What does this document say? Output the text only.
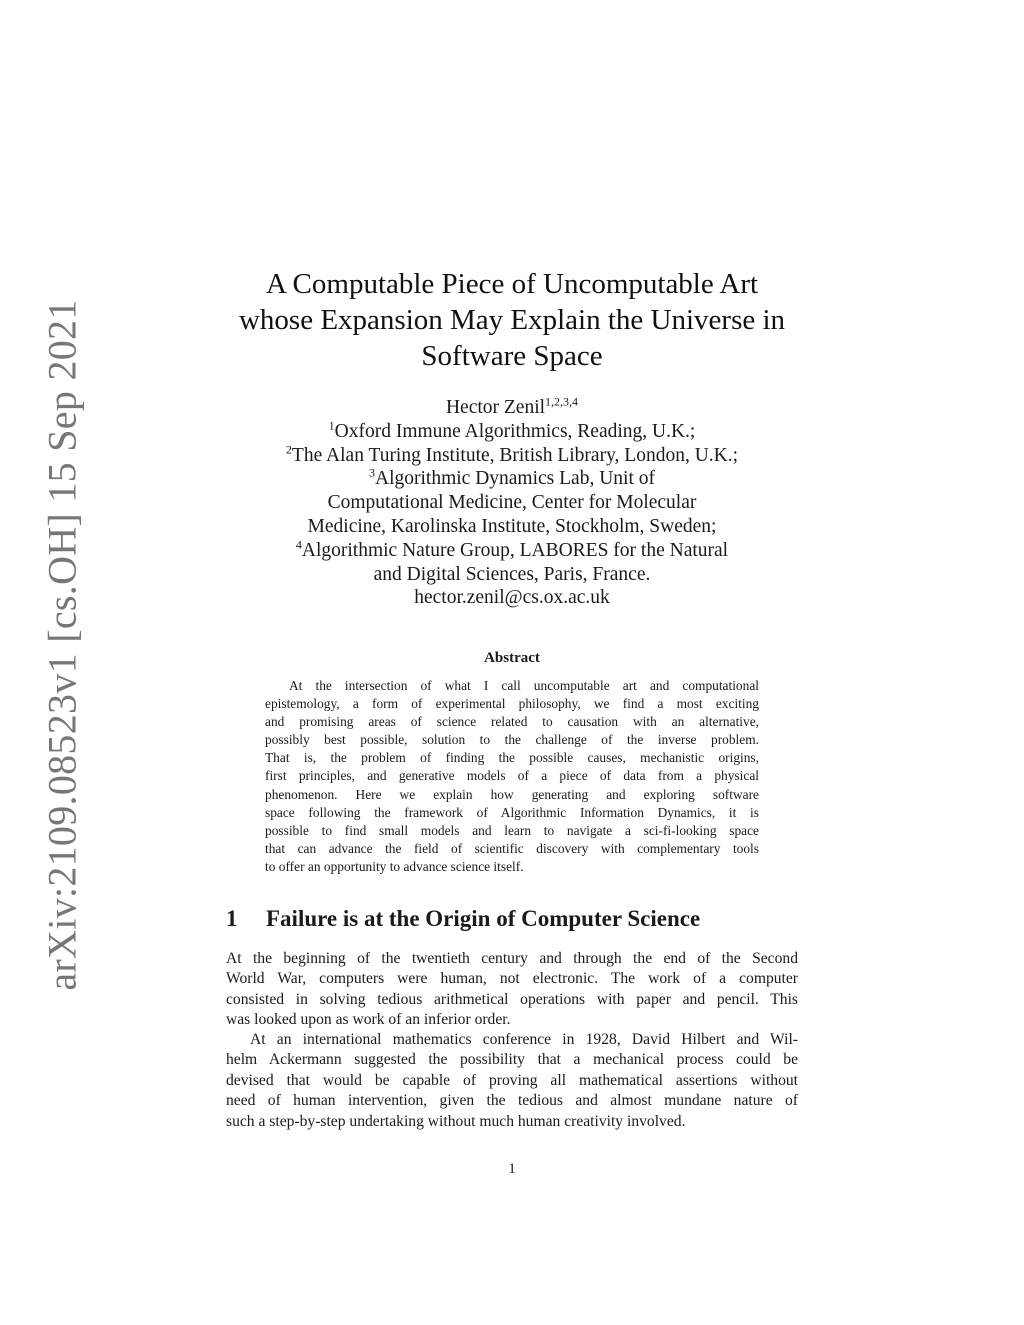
arXiv:2109.08523v1 [cs.OH] 15 Sep 2021
A Computable Piece of Uncomputable Art
whose Expansion May Explain the Universe in
Software Space
Hector Zenil$^{1,2,3,4}$
$^1$Oxford Immune Algorithmics, Reading, U.K.;
$^2$The Alan Turing Institute, British Library, London, U.K.;
$^3$Algorithmic Dynamics Lab, Unit of
Computational Medicine, Center for Molecular
Medicine, Karolinska Institute, Stockholm, Sweden;
$^4$Algorithmic Nature Group, LABORES for the Natural
and Digital Sciences, Paris, France.
hector.zenil@cs.ox.ac.uk
Abstract
At the intersection of what I call uncomputable art and computational
epistemology, a form of experimental philosophy, we find a most exciting
and promising areas of science related to causation with an alternative,
possibly best possible, solution to the challenge of the inverse problem.
That is, the problem of finding the possible causes, mechanistic origins,
first principles, and generative models of a piece of data from a physical
phenomenon. Here we explain how generating and exploring software
space following the framework of Algorithmic Information Dynamics, it is
possible to find small models and learn to navigate a sci-fi-looking space
that can advance the field of scientific discovery with complementary tools
to offer an opportunity to advance science itself.
1 Failure is at the Origin of Computer Science
At the beginning of the twentieth century and through the end of the Second
World War, computers were human, not electronic. The work of a computer
consisted in solving tedious arithmetical operations with paper and pencil. This
was looked upon as work of an inferior order.
At an international mathematics conference in 1928, David Hilbert and Wil-
helm Ackermann suggested the possibility that a mechanical process could be
devised that would be capable of proving all mathematical assertions without
need of human intervention, given the tedious and almost mundane nature of
such a step-by-step undertaking without much human creativity involved.
1
